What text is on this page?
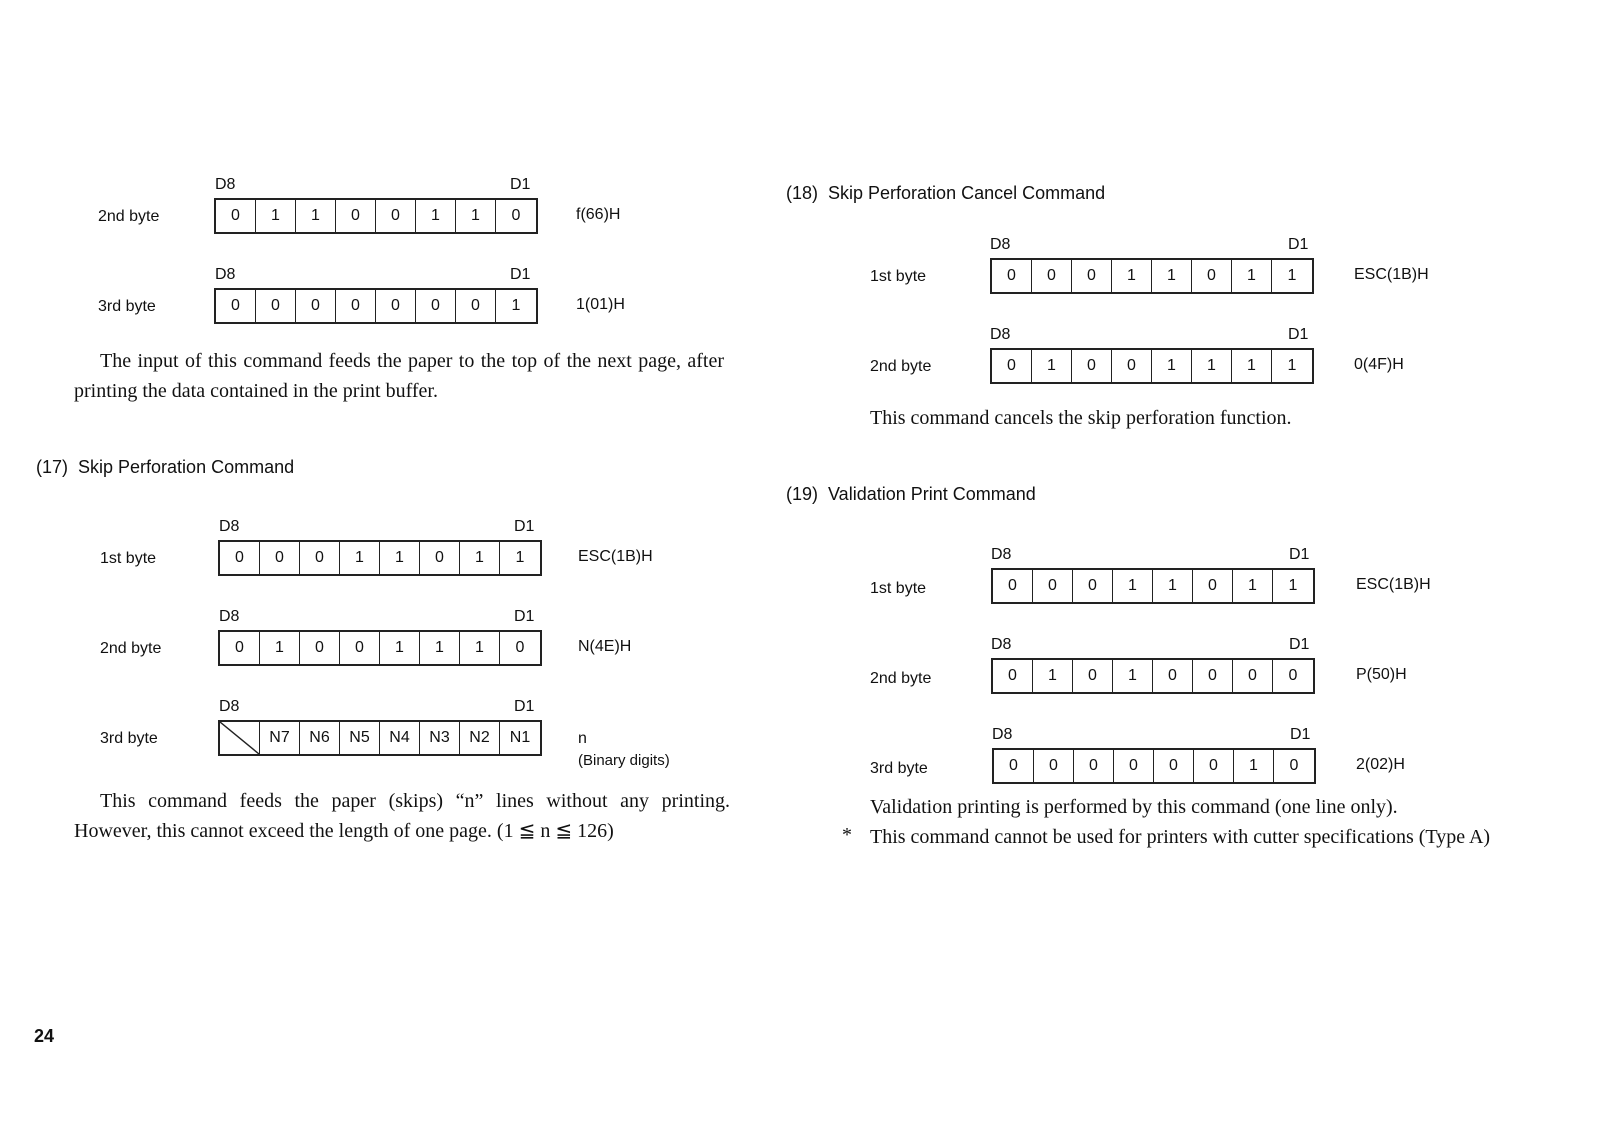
D8	D1
2nd byte	0	1	1	0	0	1	1	0	f(66)H
D8	D1
3rd byte	0	0	0	0	0	0	0	1	1(01)H

The input of this command feeds the paper to the top of the next page, after printing the data contained in the print buffer.

(17) Skip Perforation Command
D8	D1
1st byte	0	0	0	1	1	0	1	1	ESC(1B)H
D8	D1
2nd byte	0	1	0	0	1	1	1	0	N(4E)H
D8	D1
3rd byte	N7	N6	N5	N4	N3	N2	N1	n
(Binary digits)

This command feeds the paper (skips) “n” lines without any printing. However, this cannot exceed the length of one page. (1 ≦ n ≦ 126)

(18) Skip Perforation Cancel Command
D8	D1
1st byte	0	0	0	1	1	0	1	1	ESC(1B)H
D8	D1
2nd byte	0	1	0	0	1	1	1	1	0(4F)H

This command cancels the skip perforation function.

(19) Validation Print Command
D8	D1
1st byte	0	0	0	1	1	0	1	1	ESC(1B)H
D8	D1
2nd byte	0	1	0	1	0	0	0	0	P(50)H
D8	D1
3rd byte	0	0	0	0	0	0	1	0	2(02)H

Validation printing is performed by this command (one line only).

* This command cannot be used for printers with cutter specifications (Type A)

24
